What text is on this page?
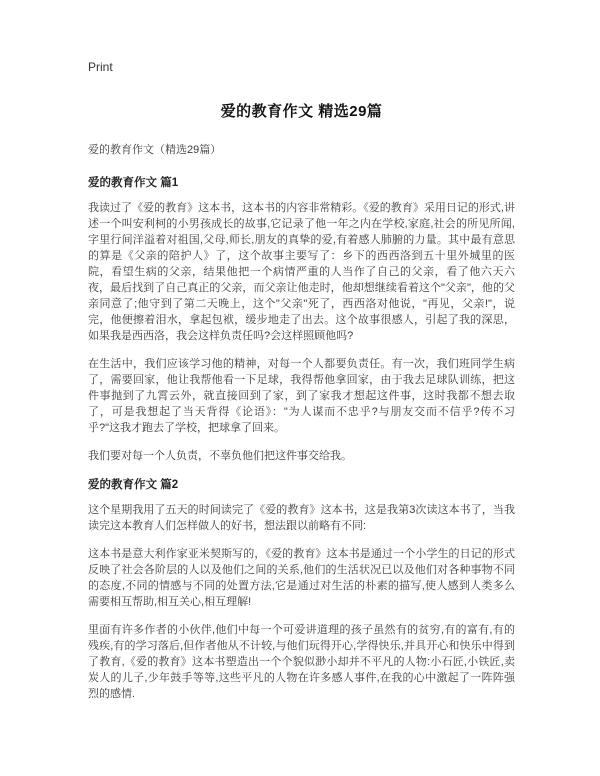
Print
爱的教育作文 精选29篇
爱的教育作文（精选29篇）
爱的教育作文 篇1

我读过了《爱的教育》这本书，这本书的内容非常精彩。《爱的教育》采用日记的形式,讲述一个叫安利柯的小男孩成长的故事,它记录了他一年之内在学校,家庭,社会的所见所闻,字里行间洋溢着对祖国,父母,师长,朋友的真挚的爱,有着感人肺腑的力量。其中最有意思的算是《父亲的陪护人》了，这个故事主要写了：乡下的西西洛到五十里外城里的医院，看望生病的父亲，结果他把一个病情严重的人当作了自己的父亲，看了他六天六夜，最后找到了自己真正的父亲，而父亲让他走时，他却想继续看着这个"父亲"，他的父亲同意了;他守到了第二天晚上，这个"父亲"死了，西西洛对他说，"再见，父亲!"，说完，他便擦着泪水，拿起包袱，缓步地走了出去。这个故事很感人，引起了我的深思，如果我是西西洛，我会这样负责任吗?会这样照顾他吗?

在生活中，我们应该学习他的精神，对每一个人都要负责任。有一次，我们班同学生病了，需要回家，他让我帮他看一下足球，我得帮他拿回家，由于我去足球队训练，把这件事抛到了九霄云外，就直接回到了家，到了家我才想起这件事，这时我都不想去取了，可是我想起了当天背得《论语》："为人谋而不忠乎?与朋友交而不信乎?传不习乎?"这我才跑去了学校，把球拿了回来。

我们要对每一个人负责，不辜负他们把这件事交给我。

爱的教育作文 篇2

这个星期我用了五天的时间读完了《爱的教育》这本书，这是我第3次读这本书了，当我读完这本教育人们怎样做人的好书，想法跟以前略有不同:

这本书是意大利作家亚米契斯写的，《爱的教育》这本书是通过一个小学生的日记的形式反映了社会各阶层的人以及他们之间的关系,他们的生活状况已以及他们对各种事物不同的态度,不同的情感与不同的处置方法,它是通过对生活的朴素的描写,使人感到人类多么需要相互帮助,相互关心,相互理解!

里面有许多作者的小伙伴,他们中每一个可爱讲道理的孩子虽然有的贫穷,有的富有,有的残疾,有的学习落后,但作者他从不计较,与他们玩得开心,学得快乐,并具开心和快乐中得到了教育,《爱的教育》这本书塑造出一个个貌似渺小却并不平凡的人物:小石匠,小铁匠,卖炭人的儿子,少年鼓手等等,这些平凡的人物在许多感人事件,在我的心中激起了一阵阵强烈的感情.
